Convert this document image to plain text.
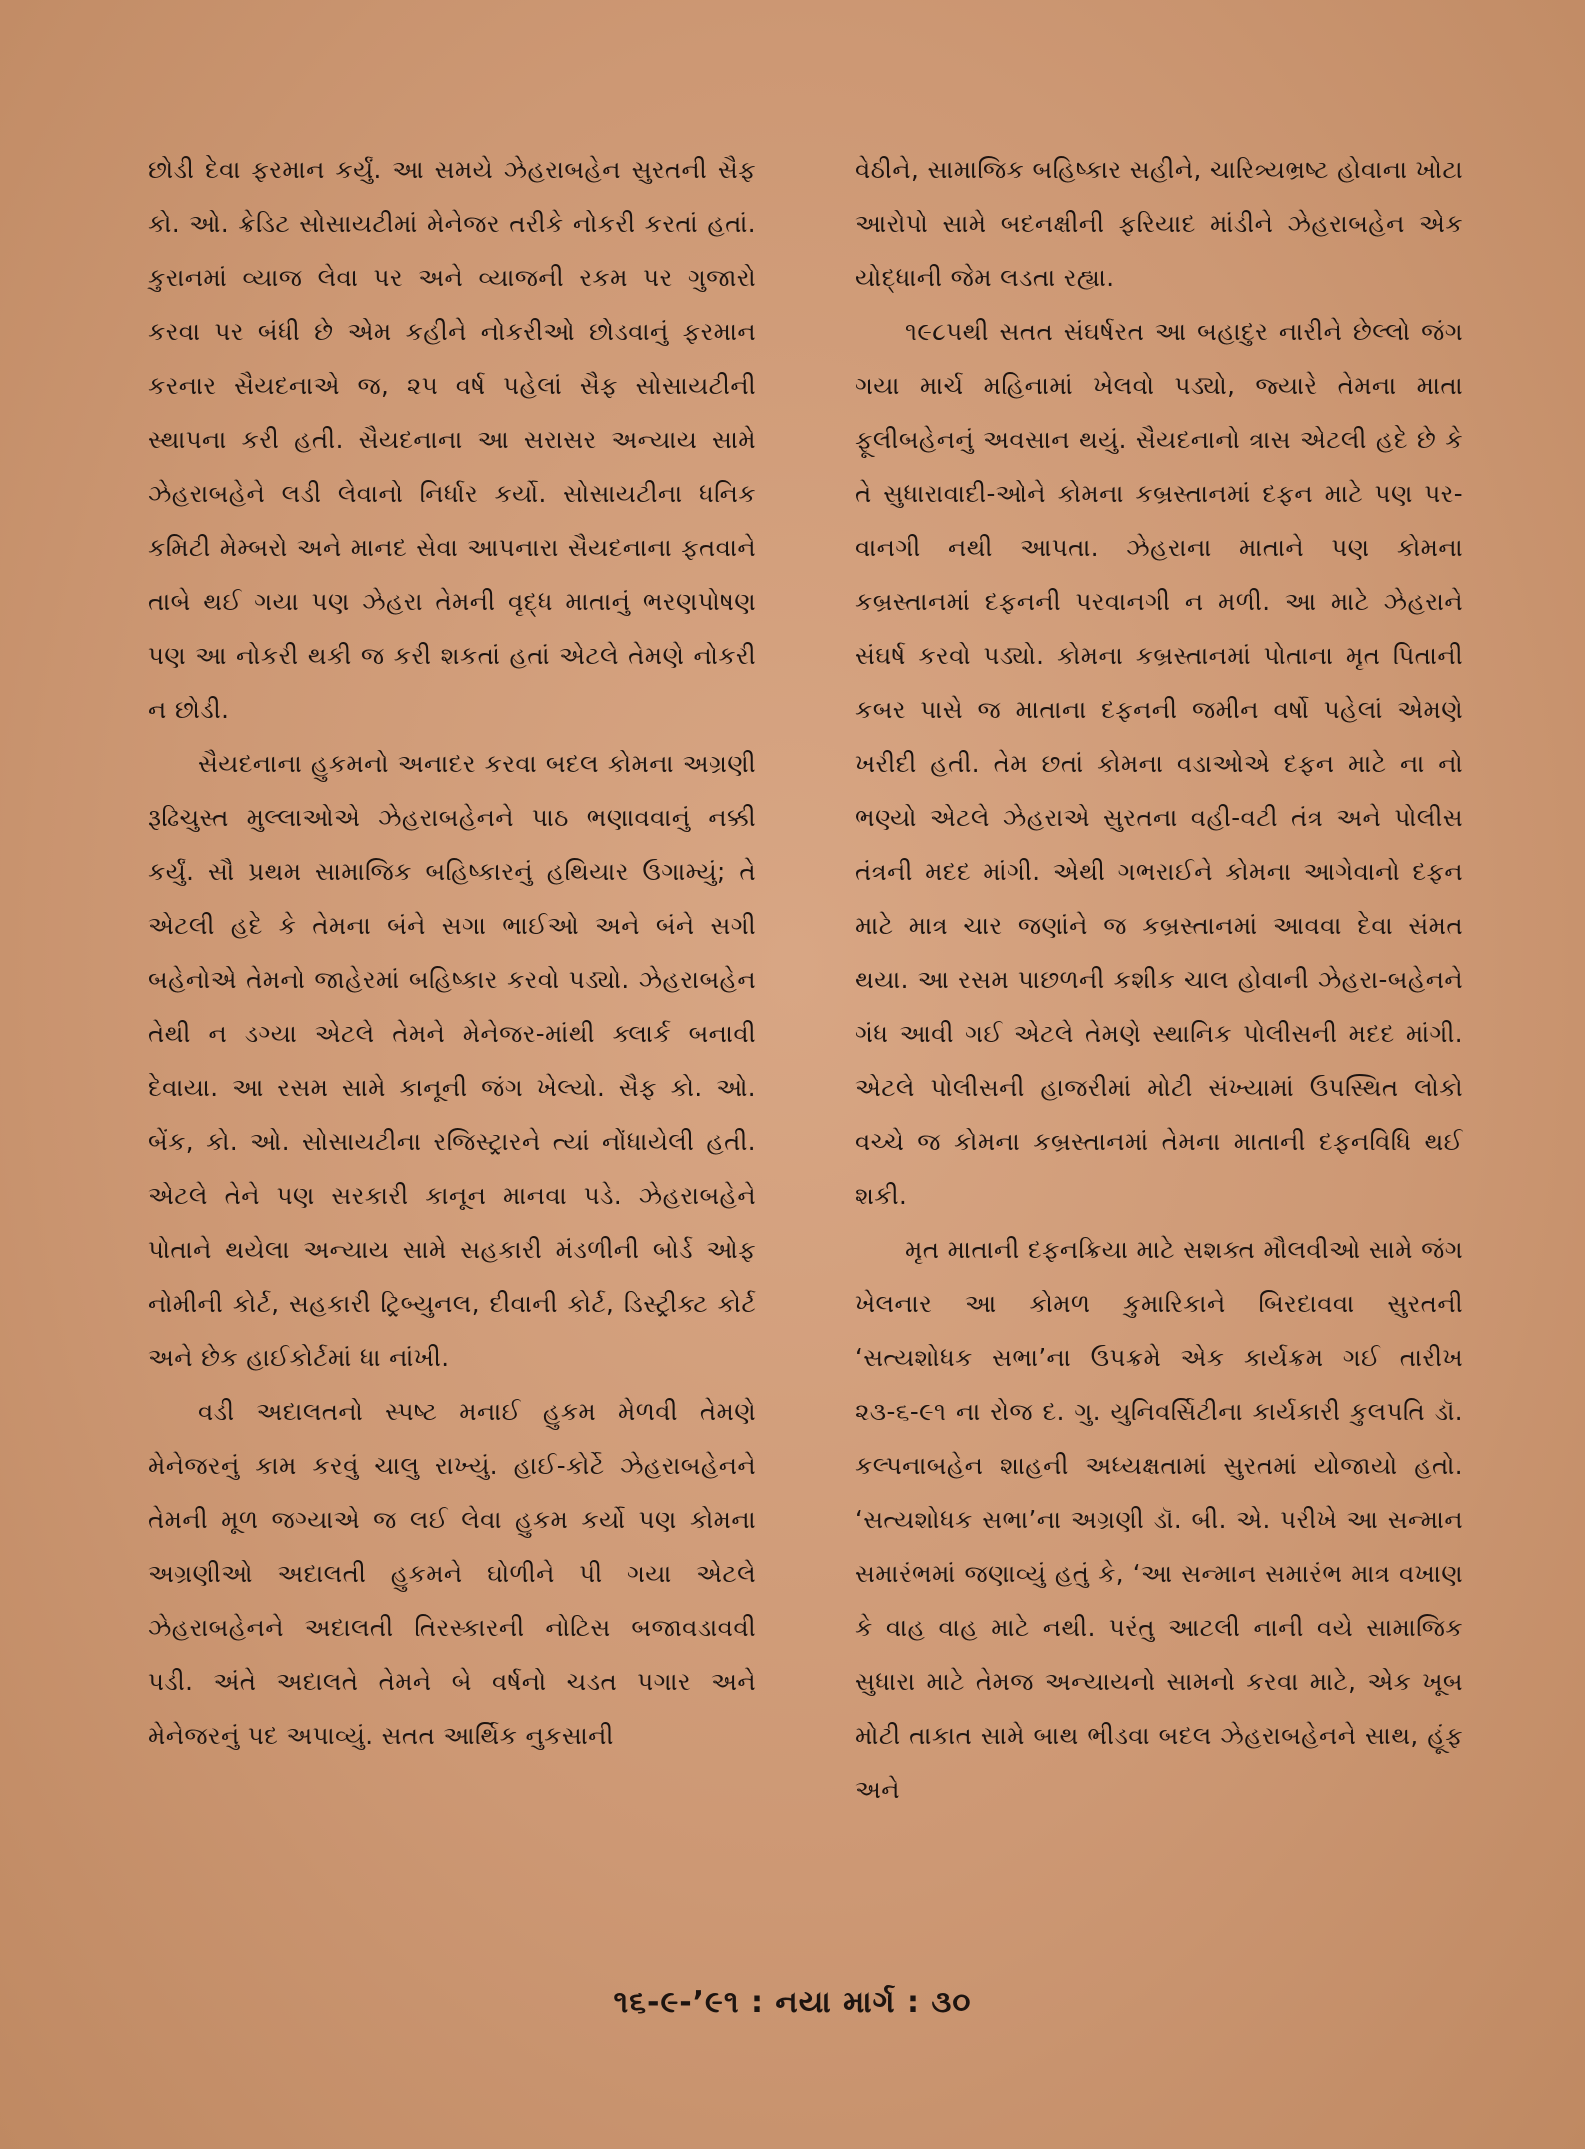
છોડી દેવા ફરમાન કર્યું. આ સમયે ઝેહરાબહેન સુરતની સૈફ કો. ઓ. ક્રેડિટ સોસાયટીમાં મેનેજર તરીકે નોકરી કરતાં હતાં. કુરાનમાં વ્યાજ લેવા પર અને વ્યાજની રકમ પર ગુજારો કરવા પર બંધી છે એમ કહીને નોકરીઓ છોડવાનું ફરમાન કરનાર સૈયદનાએ જ, ૨૫ વર્ષ પહેલાં સૈફ સોસાયટીની સ્થાપના કરી હતી. સૈયદનાના આ સરાસર અન્યાય સામે ઝેહરાબહેને લડી લેવાનો નિર્ધાર કર્યો. સોસાયટીના ધનિક કમિટી મેમ્બરો અને માનદ સેવા આપનારા સૈયદનાના ફતવાને તાબે થઈ ગયા પણ ઝેહરા તેમની વૃદ્ધ માતાનું ભરણપોષણ પણ આ નોકરી થકી જ કરી શકતાં હતાં એટલે તેમણે નોકરી ન છોડી.

સૈયદનાના હુકમનો અનાદર કરવા બદલ કોમના અગ્રણી રૂઢિચુસ્ત મુલ્લાઓએ ઝેહરાબહેનને પાઠ ભણાવવાનું નક્કી કર્યું. સૌ પ્રથમ સામાજિક બહિષ્કારનું હથિયાર ઉગામ્યું; તે એટલી હદે કે તેમના બંને સગા ભાઈઓ અને બંને સગી બહેનોએ તેમનો જાહેરમાં બહિષ્કાર કરવો પડ્યો. ઝેહરાબહેન તેથી ન ડગ્યા એટલે તેમને મેનેજર-માંથી ક્લાર્ક બનાવી દેવાયા. આ રસમ સામે કાનૂની જંગ ખેલ્યો. સૈફ કો. ઓ. બેંક, કો. ઓ. સોસાયટીના રજિસ્ટ્રારને ત્યાં નોંધાયેલી હતી. એટલે તેને પણ સરકારી કાનૂન માનવા પડે. ઝેહરાબહેને પોતાને થયેલા અન્યાય સામે સહકારી મંડળીની બોર્ડ ઓફ નોમીની કોર્ટ, સહકારી ટ્રિબ્યુનલ, દીવાની કોર્ટ, ડિસ્ટ્રીક્ટ કોર્ટ અને છેક હાઈકોર્ટમાં ધા નાંખી.

વડી અદાલતનો સ્પષ્ટ મનાઈ હુકમ મેળવી તેમણે મેનેજરનું કામ કરવું ચાલુ રાખ્યું. હાઈ-કોર્ટે ઝેહરાબહેનને તેમની મૂળ જગ્યાએ જ લઈ લેવા હુકમ કર્યો પણ કોમના અગ્રણીઓ અદાલતી હુકમને ઘોળીને પી ગયા એટલે ઝેહરાબહેનને અદાલતી તિરસ્કારની નોટિસ બજાવડાવવી પડી. અંતે અદાલતે તેમને બે વર્ષનો ચડત પગાર અને મેનેજરનું પદ અપાવ્યું. સતત આર્થિક નુકસાની

વેઠીને, સામાજિક બહિષ્કાર સહીને, ચારિત્ર્યભ્રષ્ટ હોવાના ખોટા આરોપો સામે બદનક્ષીની ફરિયાદ માંડીને ઝેહરાબહેન એક યોદ્ધાની જેમ લડતા રહ્યા.

૧૯૮૫થી સતત સંઘર્ષરત આ બહાદુર નારીને છેલ્લો જંગ ગયા માર્ચ મહિનામાં ખેલવો પડ્યો, જ્યારે તેમના માતા ફૂલીબહેનનું અવસાન થયું. સૈયદનાનો ત્રાસ એટલી હદે છે કે તે સુધારાવાદી-ઓને કોમના કબ્રસ્તાનમાં દફન માટે પણ પર-વાનગી નથી આપતા. ઝેહરાના માતાને પણ કોમના કબ્રસ્તાનમાં દફનની પરવાનગી ન મળી. આ માટે ઝેહરાને સંઘર્ષ કરવો પડ્યો. કોમના કબ્રસ્તાનમાં પોતાના મૃત પિતાની કબર પાસે જ માતાના દફનની જમીન વર્ષો પહેલાં એમણે ખરીદી હતી. તેમ છતાં કોમના વડાઓએ દફન માટે ના નો ભણ્યો એટલે ઝેહરાએ સુરતના વહી-વટી તંત્ર અને પોલીસ તંત્રની મદદ માંગી. એથી ગભરાઈને કોમના આગેવાનો દફન માટે માત્ર ચાર જણાંને જ કબ્રસ્તાનમાં આવવા દેવા સંમત થયા. આ રસમ પાછળની કશીક ચાલ હોવાની ઝેહરા-બહેનને ગંધ આવી ગઈ એટલે તેમણે સ્થાનિક પોલીસની મદદ માંગી. એટલે પોલીસની હાજરીમાં મોટી સંખ્યામાં ઉપસ્થિત લોકો વચ્ચે જ કોમના કબ્રસ્તાનમાં તેમના માતાની દફનવિધિ થઈ શકી.

મૃત માતાની દફનક્રિયા માટે સશક્ત મૌલવીઓ સામે જંગ ખેલનાર આ કોમળ કુમારિકાને બિરદાવવા સુરતની ‘સત્યશોધક સભા’ના ઉપક્રમે એક કાર્યક્રમ ગઈ તારીખ ૨૩-૬-૯૧ ના રોજ દ. ગુ. યુનિવર્સિટીના કાર્યકારી કુલપતિ ડૉ. કલ્પનાબહેન શાહની અધ્યક્ષતામાં સુરતમાં યોજાયો હતો. ‘સત્યશોધક સભા’ના અગ્રણી ડૉ. બી. એ. પરીખે આ સન્માન સમારંભમાં જણાવ્યું હતું કે, ‘આ સન્માન સમારંભ માત્ર વખાણ કે વાહ વાહ માટે નથી. પરંતુ આટલી નાની વયે સામાજિક સુધારા માટે તેમજ અન્યાયનો સામનો કરવા માટે, એક ખૂબ મોટી તાકાત સામે બાથ ભીડવા બદલ ઝેહરાબહેનને સાથ, હૂંફ અને

૧૬-૯-’૯૧ : નયા માર્ગ : ૩૦
